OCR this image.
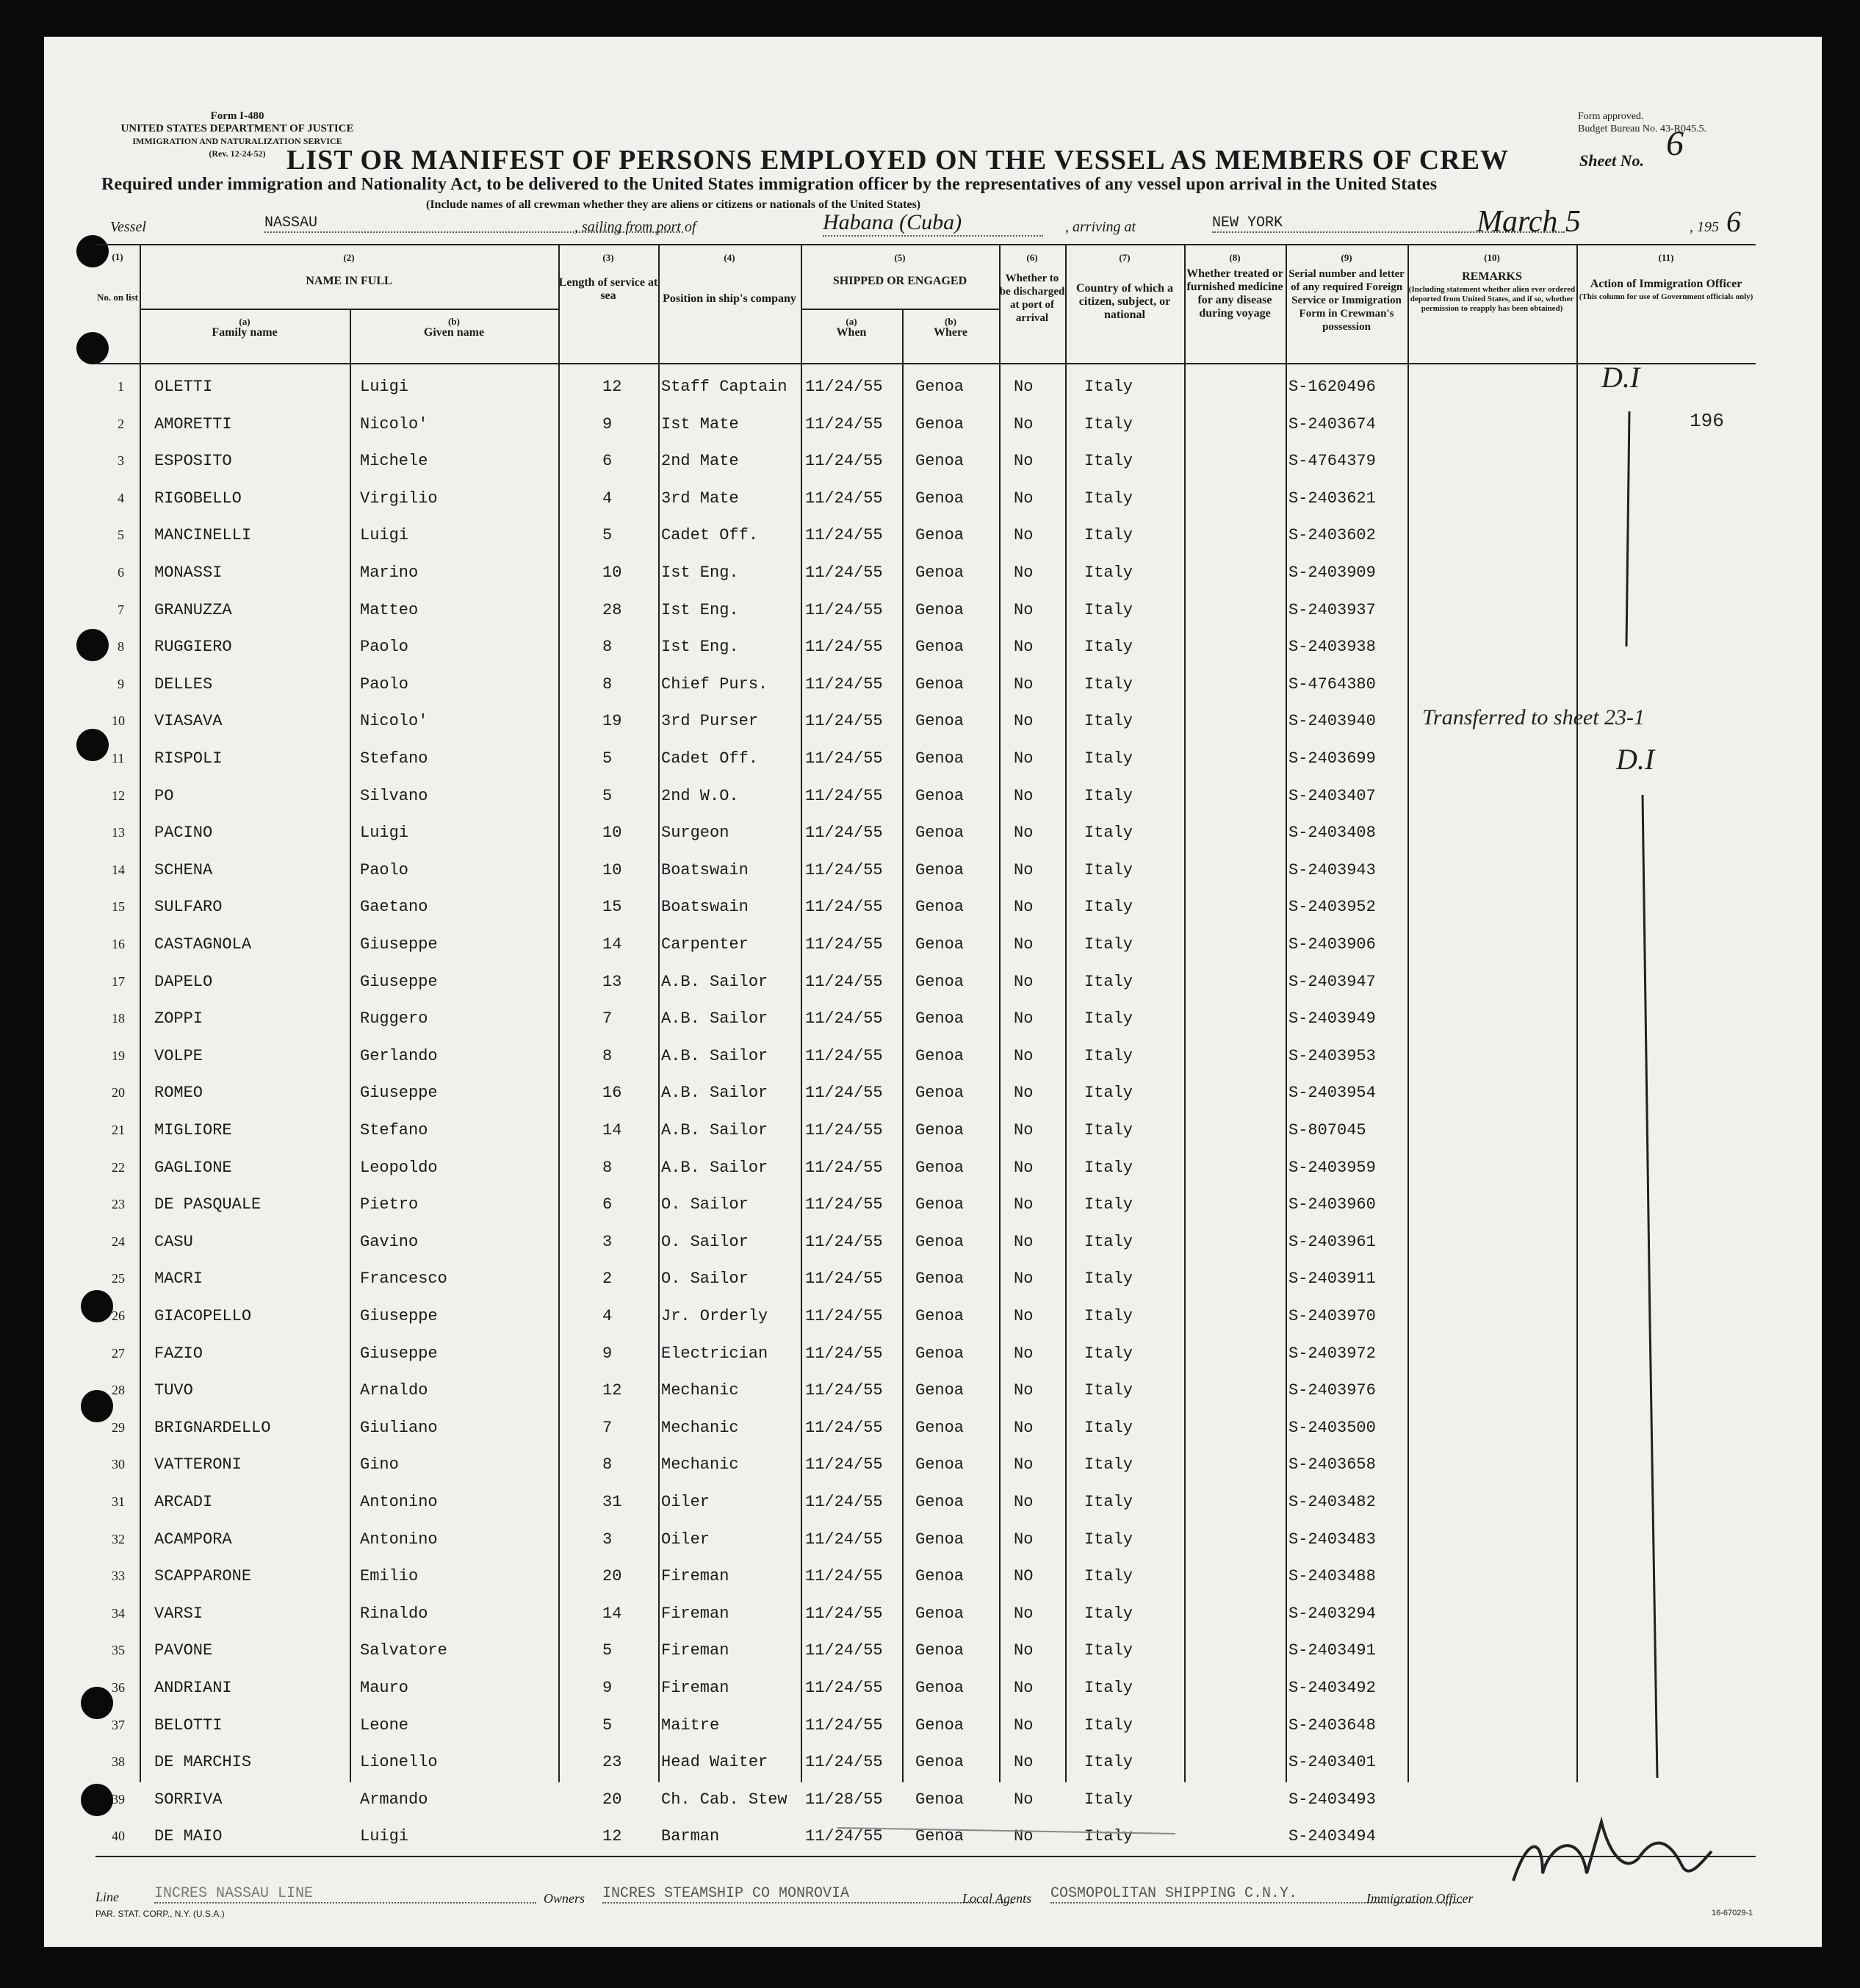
Form I-480
UNITED STATES DEPARTMENT OF JUSTICE
IMMIGRATION AND NATURALIZATION SERVICE
(Rev. 12-24-52)
Form approved.
Budget Bureau No. 43-R045.5.
LIST OR MANIFEST OF PERSONS EMPLOYED ON THE VESSEL AS MEMBERS OF CREW	Sheet No. 6
Required under immigration and Nationality Act, to be delivered to the United States immigration officer by the representatives of any vessel upon arrival in the United States
(Include names of all crewman whether they are aliens or citizens or nationals of the United States)
Vessel	NASSAU	, sailing from port of	Habana (Cuba)	, arriving at	NEW YORK	March 5	, 195 6
(1)
No. on list
(2)
NAME IN FULL
(a)
Family name
(b)
Given name
(3)
Length of service at sea
(4)
Position in ship's company
(5)
SHIPPED OR ENGAGED
(a)
When
(b)
Where
(6)
Whether to be discharged at port of arrival
(7)
Country of which a citizen, subject, or national
(8)
Whether treated or furnished medicine for any disease during voyage
(9)
Serial number and letter of any required Foreign Service or Immigration Form in Crewman's possession
(10)
REMARKS
(Including statement whether alien ever ordered deported from United States, and if so, whether permission to reapply has been obtained)
(11)
Action of Immigration Officer
(This column for use of Government officials only)
1 OLETTI	Luigi	12 Staff Captain 11/24/55 Genoa	No	Italy	S-1620496
2 AMORETTI	Nicolo'	9	Ist Mate	11/24/55 Genoa	No	Italy	S-2403674
3 ESPOSITO	Michele	6	2nd Mate	11/24/55 Genoa	No	Italy	S-4764379
4 RIGOBELLO	Virgilio	4	3rd Mate	11/24/55 Genoa	No	Italy	S-2403621
5 MANCINELLI	Luigi	5	Cadet Off.	11/24/55 Genoa	No	Italy	S-2403602
6 MONASSI	Marino	10 Ist Eng.	11/24/55 Genoa	No	Italy	S-2403909
7 GRANUZZA	Matteo	28 Ist Eng.	11/24/55 Genoa	No	Italy	S-2403937
8 RUGGIERO	Paolo	8	Ist Eng.	11/24/55 Genoa	No	Italy	S-2403938
9 DELLES	Paolo	8	Chief Purs. 11/24/55 Genoa	No	Italy	S-4764380
10 VIASAVA	Nicolo'	19 3rd Purser	11/24/55 Genoa	No	Italy	S-2403940
11 RISPOLI	Stefano	5	Cadet Off.	11/24/55 Genoa	No	Italy	S-2403699
12 PO	Silvano	5	2nd W.O.	11/24/55 Genoa	No	Italy	S-2403407
13 PACINO	Luigi	10 Surgeon	11/24/55 Genoa	No	Italy	S-2403408
14 SCHENA	Paolo	10 Boatswain	11/24/55 Genoa	No	Italy	S-2403943
15 SULFARO	Gaetano	15 Boatswain	11/24/55 Genoa	No	Italy	S-2403952
16 CASTAGNOLA	Giuseppe	14 Carpenter	11/24/55 Genoa	No	Italy	S-2403906
17 DAPELO	Giuseppe	13 A.B. Sailor 11/24/55 Genoa	No	Italy	S-2403947
18 ZOPPI	Ruggero	7	A.B. Sailor 11/24/55 Genoa	No	Italy	S-2403949
19 VOLPE	Gerlando	8	A.B. Sailor 11/24/55 Genoa	No	Italy	S-2403953
20 ROMEO	Giuseppe	16 A.B. Sailor 11/24/55 Genoa	No	Italy	S-2403954
21 MIGLIORE	Stefano	14 A.B. Sailor 11/24/55 Genoa	No	Italy	S-807045
22 GAGLIONE	Leopoldo	8	A.B. Sailor 11/24/55 Genoa	No	Italy	S-2403959
23 DE PASQUALE	Pietro	6	O. Sailor	11/24/55 Genoa	No	Italy	S-2403960
24 CASU	Gavino	3	O. Sailor	11/24/55 Genoa	No	Italy	S-2403961
25 MACRI	Francesco	2	O. Sailor	11/24/55 Genoa	No	Italy	S-2403911
26 GIACOPELLO	Giuseppe	4	Jr. Orderly 11/24/55 Genoa	No	Italy	S-2403970
27 FAZIO	Giuseppe	9	Electrician 11/24/55 Genoa	No	Italy	S-2403972
28 TUVO	Arnaldo	12 Mechanic	11/24/55 Genoa	No	Italy	S-2403976
29 BRIGNARDELLO	Giuliano	7	Mechanic	11/24/55 Genoa	No	Italy	S-2403500
30 VATTERONI	Gino	8	Mechanic	11/24/55 Genoa	No	Italy	S-2403658
31 ARCADI	Antonino	31 Oiler	11/24/55 Genoa	No	Italy	S-2403482
32 ACAMPORA	Antonino	3	Oiler	11/24/55 Genoa	No	Italy	S-2403483
33 SCAPPARONE	Emilio	20 Fireman	11/24/55 Genoa	NO	Italy	S-2403488
34 VARSI	Rinaldo	14 Fireman	11/24/55 Genoa	No	Italy	S-2403294
35 PAVONE	Salvatore	5	Fireman	11/24/55 Genoa	No	Italy	S-2403491
36 ANDRIANI	Mauro	9	Fireman	11/24/55 Genoa	No	Italy	S-2403492
37 BELOTTI	Leone	5	Maitre	11/24/55 Genoa	No	Italy	S-2403648
38 DE MARCHIS	Lionello	23 Head Waiter 11/24/55 Genoa	No	Italy	S-2403401
39 SORRIVA	Armando	20 Ch. Cab. Stew 11/28/55 Genoa	No	Italy	S-2403493
40 DE MAIO	Luigi	12 Barman	11/24/55 Genoa	No	Italy	S-2403494
D.I
196
Transferred to sheet 23-1
D.I
Line INCRES NASSAU LINE	Owners INCRES STEAMSHIP CO MONROVIA	Local Agents COSMOPOLITAN SHIPPING C.N.Y.	Immigration Officer
PAR. STAT. CORP., N.Y. (U.S.A.)	16-67029-1
